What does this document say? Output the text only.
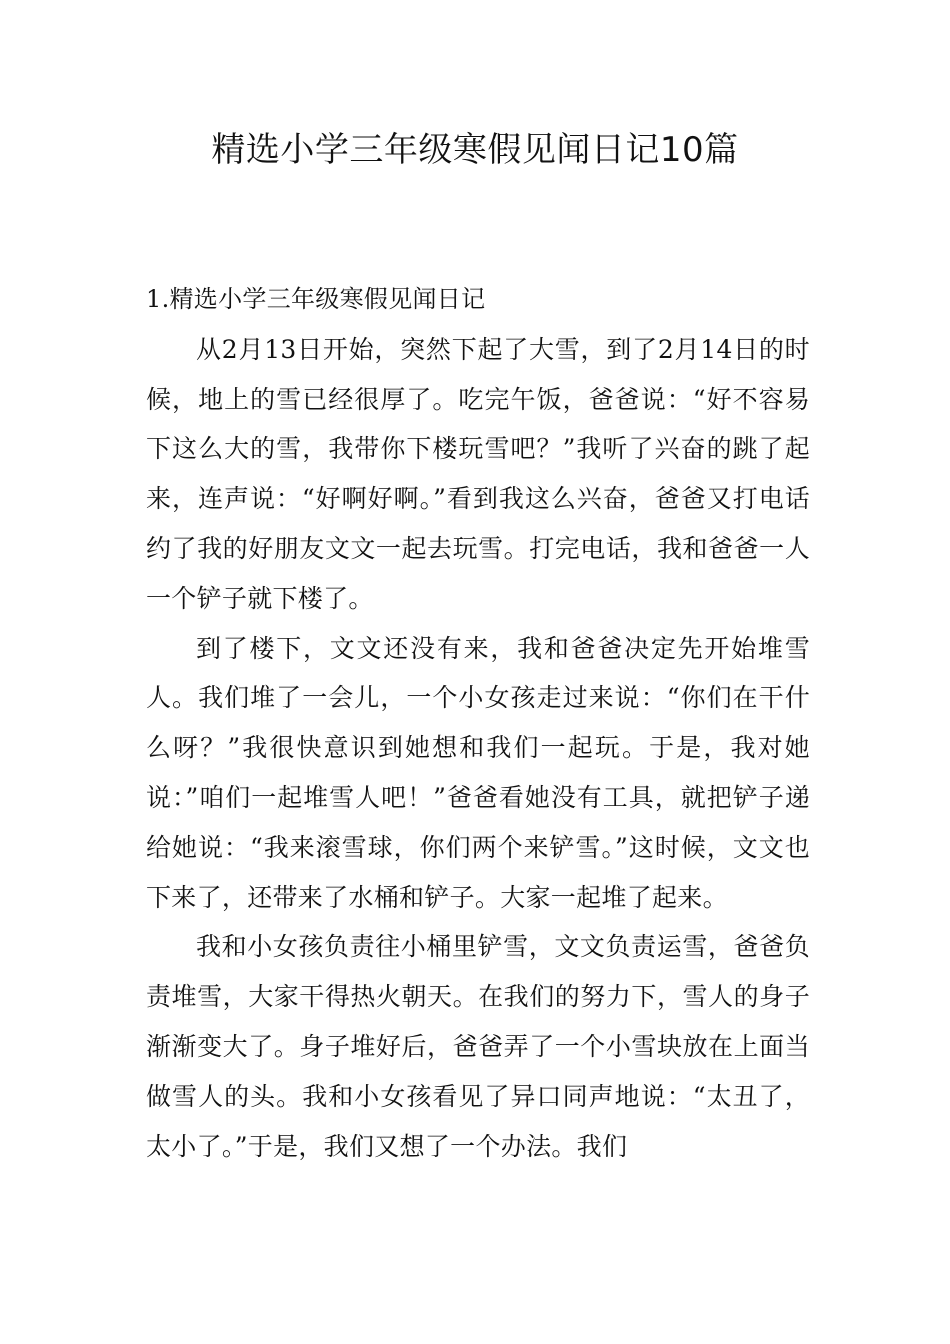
精选小学三年级寒假见闻日记10篇
1.精选小学三年级寒假见闻日记

从2月13日开始，突然下起了大雪，到了2月14日的时候，地上的雪已经很厚了。吃完午饭，爸爸说：“好不容易下这么大的雪，我带你下楼玩雪吧？”我听了兴奋的跳了起来，连声说：“好啊好啊。”看到我这么兴奋，爸爸又打电话约了我的好朋友文文一起去玩雪。打完电话，我和爸爸一人一个铲子就下楼了。

到了楼下，文文还没有来，我和爸爸决定先开始堆雪人。我们堆了一会儿，一个小女孩走过来说：“你们在干什么呀？”我很快意识到她想和我们一起玩。于是，我对她说：”咱们一起堆雪人吧！”爸爸看她没有工具，就把铲子递给她说：“我来滚雪球，你们两个来铲雪。”这时候，文文也下来了，还带来了水桶和铲子。大家一起堆了起来。

我和小女孩负责往小桶里铲雪，文文负责运雪，爸爸负责堆雪，大家干得热火朝天。在我们的努力下，雪人的身子渐渐变大了。身子堆好后，爸爸弄了一个小雪块放在上面当做雪人的头。我和小女孩看见了异口同声地说：“太丑了，太小了。”于是，我们又想了一个办法。我们
